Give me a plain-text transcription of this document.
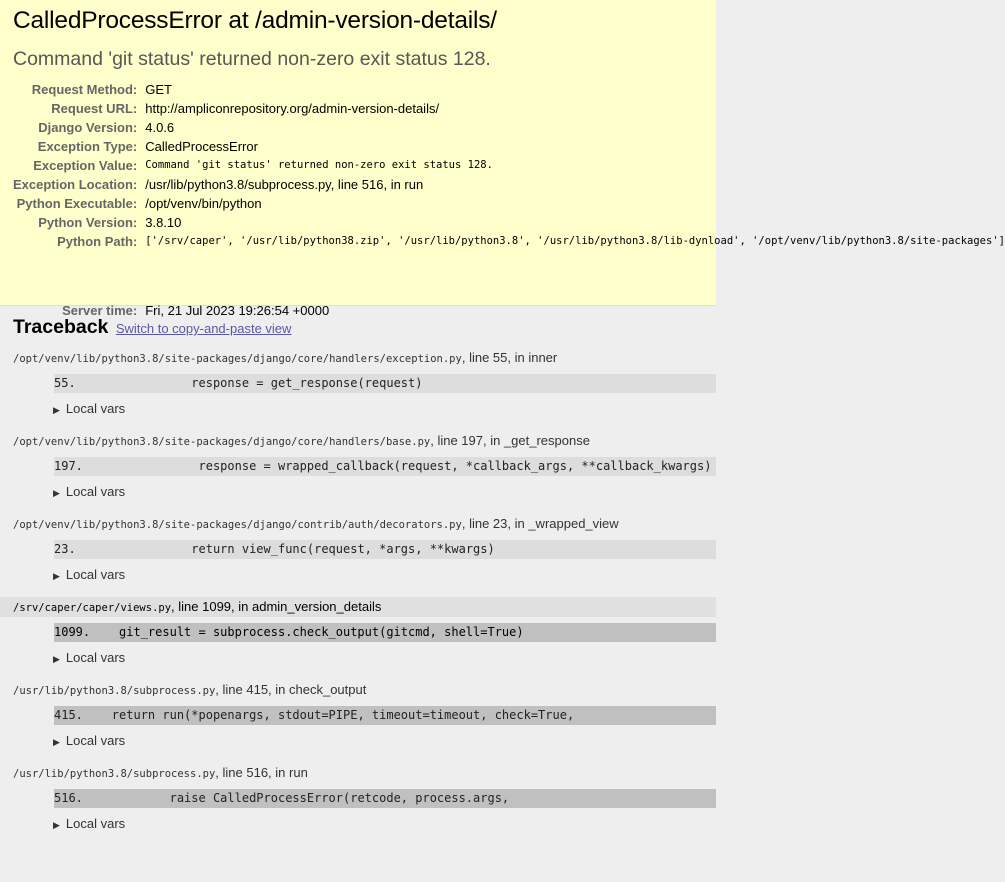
CalledProcessError at /admin-version-details/
Command 'git status' returned non-zero exit status 128.
Request Method:	GET
Request URL:	http://ampliconrepository.org/admin-version-details/
Django Version:	4.0.6
Exception Type:	CalledProcessError
Exception Value:	Command 'git status' returned non-zero exit status 128.
Exception Location:	/usr/lib/python3.8/subprocess.py, line 516, in run
Python Executable:	/opt/venv/bin/python
Python Version:	3.8.10
Python Path:	['/srv/caper', '/usr/lib/python38.zip', '/usr/lib/python3.8', '/usr/lib/python3.8/lib-dynload', '/opt/venv/lib/python3.8/site-packages']
Server time:	Fri, 21 Jul 2023 19:26:54 +0000
Traceback Switch to copy-and-paste view
/opt/venv/lib/python3.8/site-packages/django/core/handlers/exception.py, line 55, in inner
55.                response = get_response(request)
▶ Local vars
/opt/venv/lib/python3.8/site-packages/django/core/handlers/base.py, line 197, in _get_response
197.                response = wrapped_callback(request, *callback_args, **callback_kwargs)
▶ Local vars
/opt/venv/lib/python3.8/site-packages/django/contrib/auth/decorators.py, line 23, in _wrapped_view
23.                return view_func(request, *args, **kwargs)
▶ Local vars
/srv/caper/caper/views.py, line 1099, in admin_version_details
1099.    git_result = subprocess.check_output(gitcmd, shell=True)
▶ Local vars
/usr/lib/python3.8/subprocess.py, line 415, in check_output
415.    return run(*popenargs, stdout=PIPE, timeout=timeout, check=True,
▶ Local vars
/usr/lib/python3.8/subprocess.py, line 516, in run
516.            raise CalledProcessError(retcode, process.args,
▶ Local vars
